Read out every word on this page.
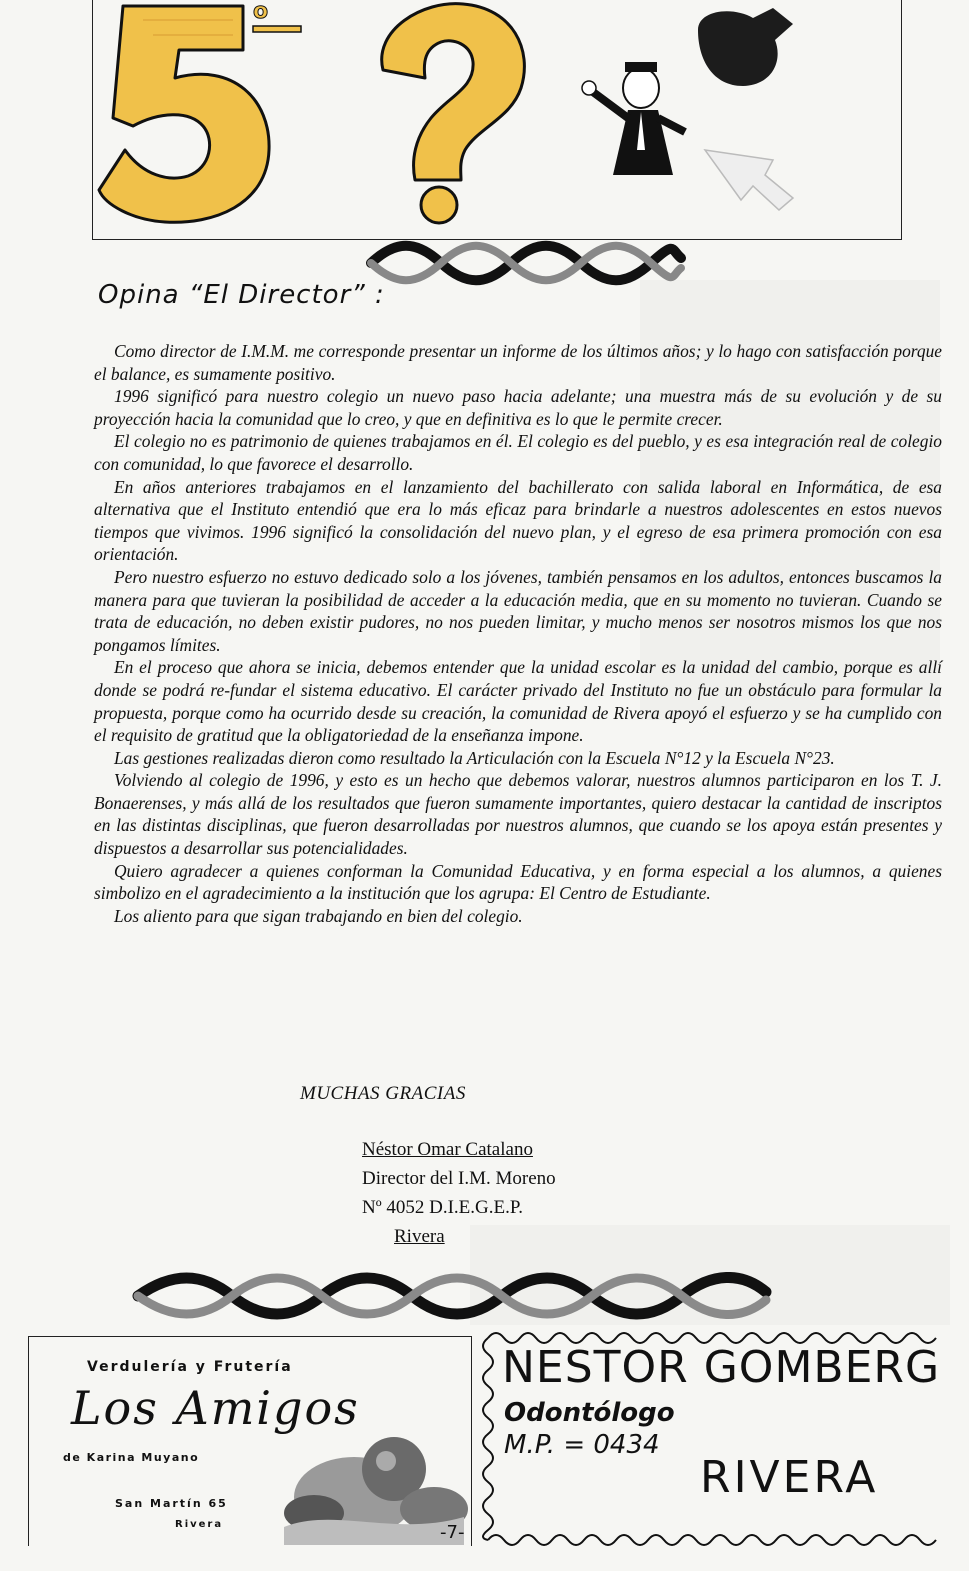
o
Opina “El Director” :

Como director de I.M.M. me corresponde presentar un informe de los últimos años; y lo hago con satisfacción porque el balance, es sumamente positivo.

1996 significó para nuestro colegio un nuevo paso hacia adelante; una muestra más de su evolución y de su proyección hacia la comunidad que lo creo, y que en definitiva es lo que le permite crecer.

El colegio no es patrimonio de quienes trabajamos en él. El colegio es del pueblo, y es esa integración real de colegio con comunidad, lo que favorece el desarrollo.

En años anteriores trabajamos en el lanzamiento del bachillerato con salida laboral en Informática, de esa alternativa que el Instituto entendió que era lo más eficaz para brindarle a nuestros adolescentes en estos nuevos tiempos que vivimos. 1996 significó la consolidación del nuevo plan, y el egreso de esa primera promoción con esa orientación.

Pero nuestro esfuerzo no estuvo dedicado solo a los jóvenes, también pensamos en los adultos, entonces buscamos la manera para que tuvieran la posibilidad de acceder a la educación media, que en su momento no tuvieran. Cuando se trata de educación, no deben existir pudores, no nos pueden limitar, y mucho menos ser nosotros mismos los que nos pongamos límites.

En el proceso que ahora se inicia, debemos entender que la unidad escolar es la unidad del cambio, porque es allí donde se podrá re-fundar el sistema educativo. El carácter privado del Instituto no fue un obstáculo para formular la propuesta, porque como ha ocurrido desde su creación, la comunidad de Rivera apoyó el esfuerzo y se ha cumplido con el requisito de gratitud que la obligatoriedad de la enseñanza impone.

Las gestiones realizadas dieron como resultado la Articulación con la Escuela N°12 y la Escuela N°23.

Volviendo al colegio de 1996, y esto es un hecho que debemos valorar, nuestros alumnos participaron en los T. J. Bonaerenses, y más allá de los resultados que fueron sumamente importantes, quiero destacar la cantidad de inscriptos en las distintas disciplinas, que fueron desarrolladas por nuestros alumnos, que cuando se los apoya están presentes y dispuestos a desarrollar sus potencialidades.

Quiero agradecer a quienes conforman la Comunidad Educativa, y en forma especial a los alumnos, a quienes simbolizo en el agradecimiento a la institución que los agrupa: El Centro de Estudiante.

Los aliento para que sigan trabajando en bien del colegio.

MUCHAS GRACIAS
Néstor Omar Catalano
Director del I.M. Moreno
Nº 4052 D.I.E.G.E.P.
Rivera
Verdulería y Frutería
Los Amigos
de Karina Muyano
San Martín 65
Rivera	-7-
NESTOR GOMBERG
Odontólogo
M.P. = 0434
RIVERA
